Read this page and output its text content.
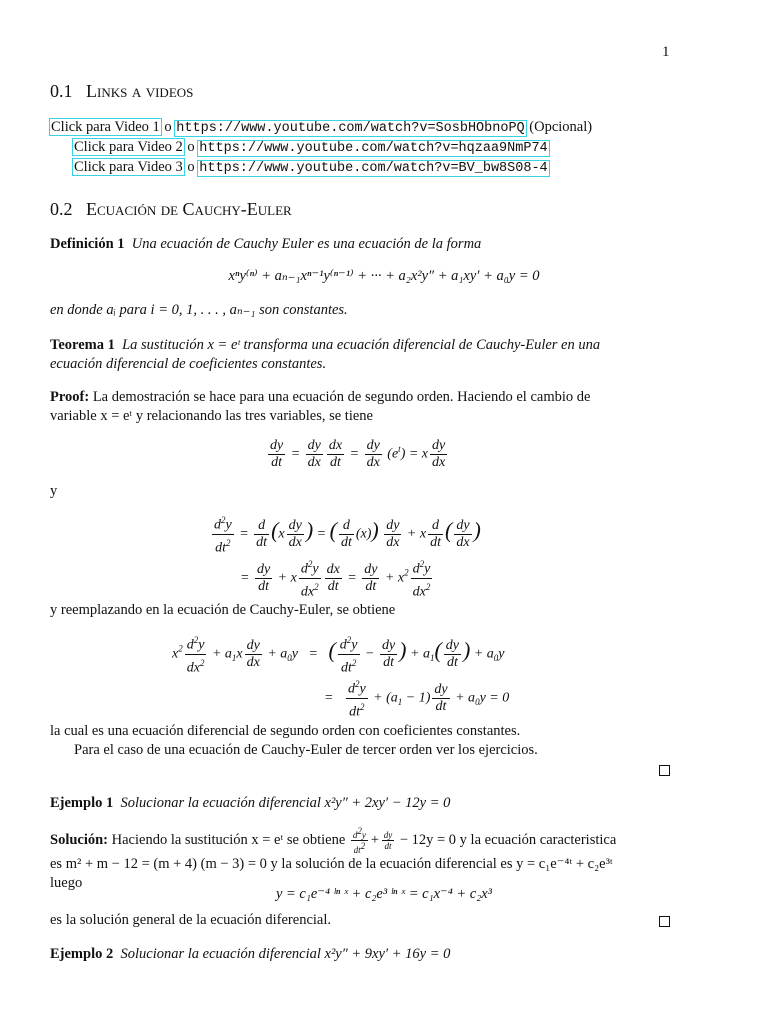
1
0.1 Links a videos
Click para Video 1 o https://www.youtube.com/watch?v=SosbHObnoPQ (Opcional)
Click para Video 2 o https://www.youtube.com/watch?v=hqzaa9NmP74
Click para Video 3 o https://www.youtube.com/watch?v=BV_bw8S08-4
0.2 Ecuación de Cauchy-Euler
Definición 1 Una ecuación de Cauchy Euler es una ecuación de la forma
xⁿy⁽ⁿ⁾ + aₙ₋₁xⁿ⁻¹y⁽ⁿ⁻¹⁾ + ··· + a₂x²y″ + a₁xy′ + a₀y = 0
en donde aᵢ para i = 0, 1, . . . , aₙ₋₁ son constantes.
Teorema 1 La sustitución x = eᵗ transforma una ecuación diferencial de Cauchy-Euler en una
ecuación diferencial de coeficientes constantes.
Proof: La demostración se hace para una ecuación de segundo orden. Haciendo el cambio de
variable x = eᵗ y relacionando las tres variables, se tiene
$\frac{dy}{dt} = \frac{dy}{dx} \frac{dx}{dt} = \frac{dy}{dx} (e^t) = x \frac{dy}{dx}$
y
$\frac{d^2y}{dt^2} = \frac{d}{dt} (x \frac{dy}{dx}$ ) = ( $\frac{d}{dt} (x)) \frac{dy}{dx} + x \frac{d}{dt}$ ( $\frac{dy}{dx}$ )
= $\frac{dy}{dt} + x \frac{d^2y}{dx^2} \frac{dx}{dt} = \frac{dy}{dt} + x^2 \frac{d^2y}{dx^2}$
y reemplazando en la ecuación de Cauchy-Euler, se obtiene
$x^2 \frac{d^2y}{dx^2} + a_1x \frac{dy}{dx} + a_0y$   =   ( $\frac{d^2y}{dt^2} - \frac{dy}{dt}$ ) + $a_1( \frac{dy}{dt}$ ) + $a_0y$
= $\frac{d^2y}{dt^2} + (a_1 - 1) \frac{dy}{dt} + a_0y = 0$
la cual es una ecuación diferencial de segundo orden con coeficientes constantes.
Para el caso de una ecuación de Cauchy-Euler de tercer orden ver los ejercicios.
Ejemplo 1 Solucionar la ecuación diferencial x²y″ + 2xy′ − 12y = 0
Solución: Haciendo la sustitución x = eᵗ se obtiene $\frac{d^2y}{dt^2} + \frac{dy}{dt} - 12y = 0$ y la ecuación caracteristica
es m² + m − 12 = (m + 4) (m − 3) = 0 y la solución de la ecuación diferencial es y = c₁e⁻⁴ᵗ + c₂e³ᵗ
luego
y = c₁e⁻⁴ ˡⁿ ˣ + c₂e³ ˡⁿ ˣ = c₁x⁻⁴ + c₂x³
es la solución general de la ecuación diferencial.
Ejemplo 2 Solucionar la ecuación diferencial x²y″ + 9xy′ + 16y = 0
